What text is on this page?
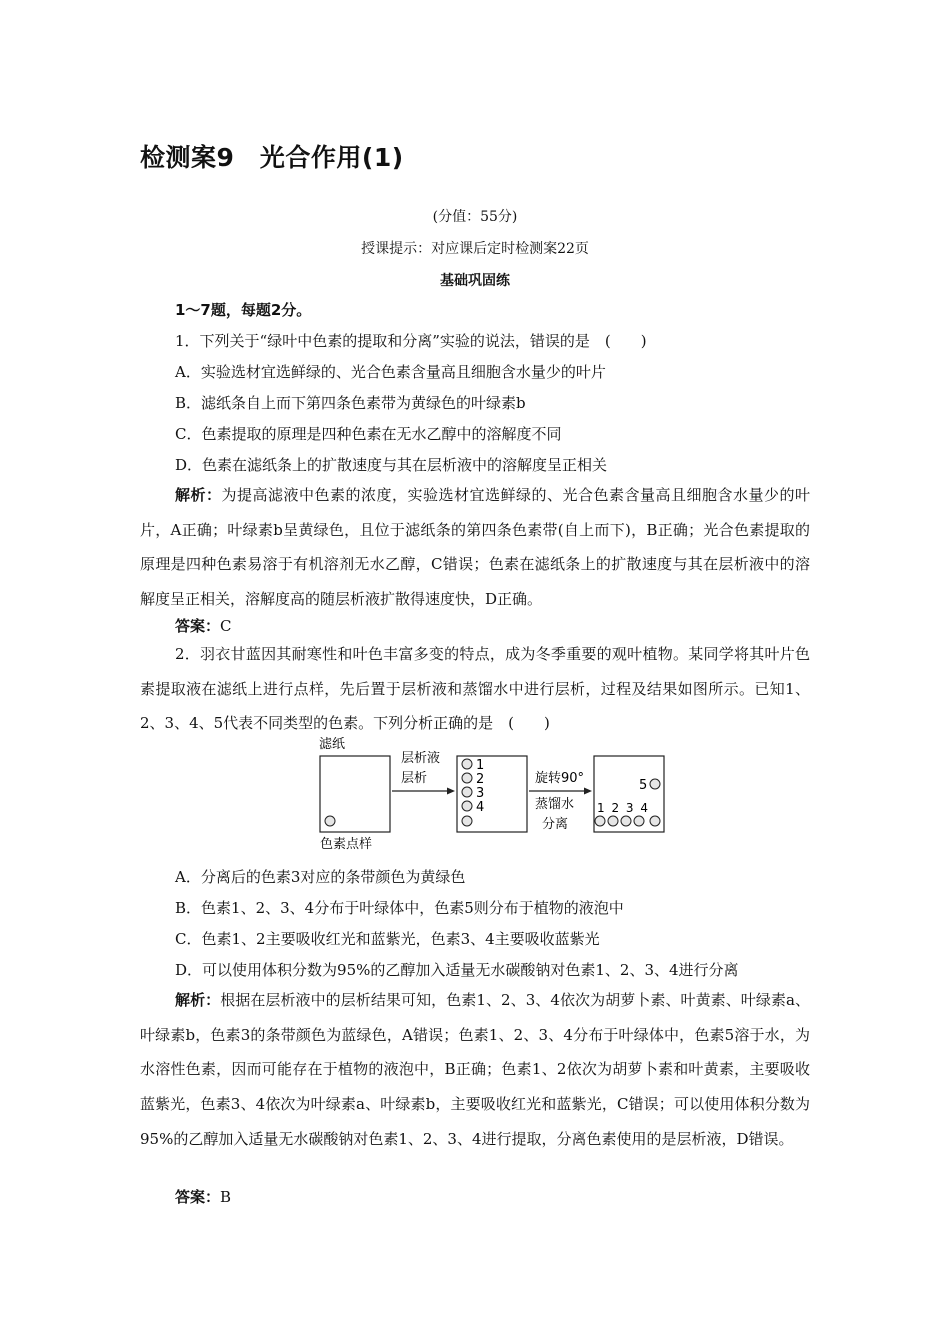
检测案9　光合作用(1)
(分值：55分)
授课提示：对应课后定时检测案22页
基础巩固练
1～7题，每题2分。
1．下列关于“绿叶中色素的提取和分离”实验的说法，错误的是　(　　)
A．实验选材宜选鲜绿的、光合色素含量高且细胞含水量少的叶片
B．滤纸条自上而下第四条色素带为黄绿色的叶绿素b
C．色素提取的原理是四种色素在无水乙醇中的溶解度不同
D．色素在滤纸条上的扩散速度与其在层析液中的溶解度呈正相关
解析：为提高滤液中色素的浓度，实验选材宜选鲜绿的、光合色素含量高且细胞含水量少的叶片，A正确；叶绿素b呈黄绿色，且位于滤纸条的第四条色素带(自上而下)，B正确；光合色素提取的原理是四种色素易溶于有机溶剂无水乙醇，C错误；色素在滤纸条上的扩散速度与其在层析液中的溶解度呈正相关，溶解度高的随层析液扩散得速度快，D正确。
答案：C
2．羽衣甘蓝因其耐寒性和叶色丰富多变的特点，成为冬季重要的观叶植物。某同学将其叶片色素提取液在滤纸上进行点样，先后置于层析液和蒸馏水中进行层析，过程及结果如图所示。已知1、2、3、4、5代表不同类型的色素。下列分析正确的是　(　　)
滤纸
色素点样
层析液
层析
1
2
3
4
旋转90°
蒸馏水
分离
5
1 2 3 4
A．分离后的色素3对应的条带颜色为黄绿色
B．色素1、2、3、4分布于叶绿体中，色素5则分布于植物的液泡中
C．色素1、2主要吸收红光和蓝紫光，色素3、4主要吸收蓝紫光
D．可以使用体积分数为95%的乙醇加入适量无水碳酸钠对色素1、2、3、4进行分离
解析：根据在层析液中的层析结果可知，色素1、2、3、4依次为胡萝卜素、叶黄素、叶绿素a、叶绿素b，色素3的条带颜色为蓝绿色，A错误；色素1、2、3、4分布于叶绿体中，色素5溶于水，为水溶性色素，因而可能存在于植物的液泡中，B正确；色素1、2依次为胡萝卜素和叶黄素，主要吸收蓝紫光，色素3、4依次为叶绿素a、叶绿素b，主要吸收红光和蓝紫光，C错误；可以使用体积分数为95%的乙醇加入适量无水碳酸钠对色素1、2、3、4进行提取，分离色素使用的是层析液，D错误。
答案：B
